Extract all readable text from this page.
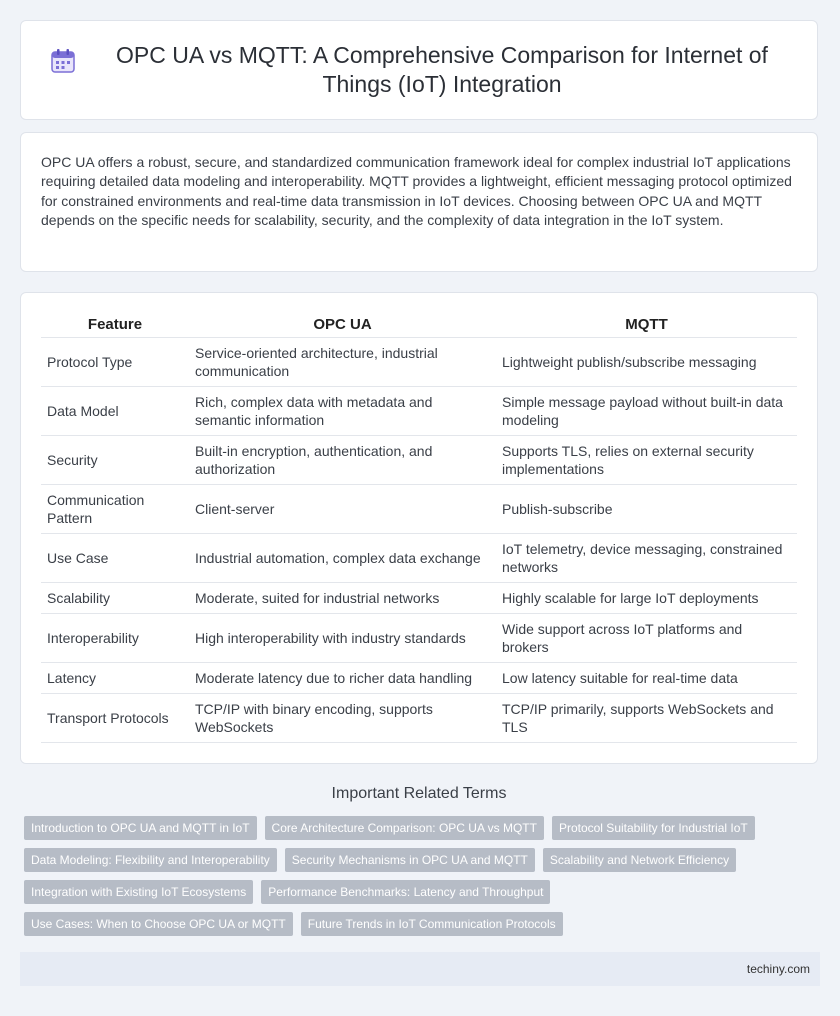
OPC UA vs MQTT: A Comprehensive Comparison for Internet of Things (IoT) Integration

OPC UA offers a robust, secure, and standardized communication framework ideal for complex industrial IoT applications requiring detailed data modeling and interoperability. MQTT provides a lightweight, efficient messaging protocol optimized for constrained environments and real-time data transmission in IoT devices. Choosing between OPC UA and MQTT depends on the specific needs for scalability, security, and the complexity of data integration in the IoT system.

Feature	OPC UA	MQTT
Protocol Type	Service-oriented architecture, industrial communication	Lightweight publish/subscribe messaging
Data Model	Rich, complex data with metadata and semantic information	Simple message payload without built-in data modeling
Security	Built-in encryption, authentication, and authorization	Supports TLS, relies on external security implementations
Communication Pattern	Client-server	Publish-subscribe
Use Case	Industrial automation, complex data exchange	IoT telemetry, device messaging, constrained networks
Scalability	Moderate, suited for industrial networks	Highly scalable for large IoT deployments
Interoperability	High interoperability with industry standards	Wide support across IoT platforms and brokers
Latency	Moderate latency due to richer data handling	Low latency suitable for real-time data
Transport Protocols	TCP/IP with binary encoding, supports WebSockets	TCP/IP primarily, supports WebSockets and TLS
Important Related Terms
Introduction to OPC UA and MQTT in IoT	Core Architecture Comparison: OPC UA vs MQTT	Protocol Suitability for Industrial IoT
Data Modeling: Flexibility and Interoperability	Security Mechanisms in OPC UA and MQTT	Scalability and Network Efficiency
Integration with Existing IoT Ecosystems	Performance Benchmarks: Latency and Throughput
Use Cases: When to Choose OPC UA or MQTT	Future Trends in IoT Communication Protocols
techiny.com
